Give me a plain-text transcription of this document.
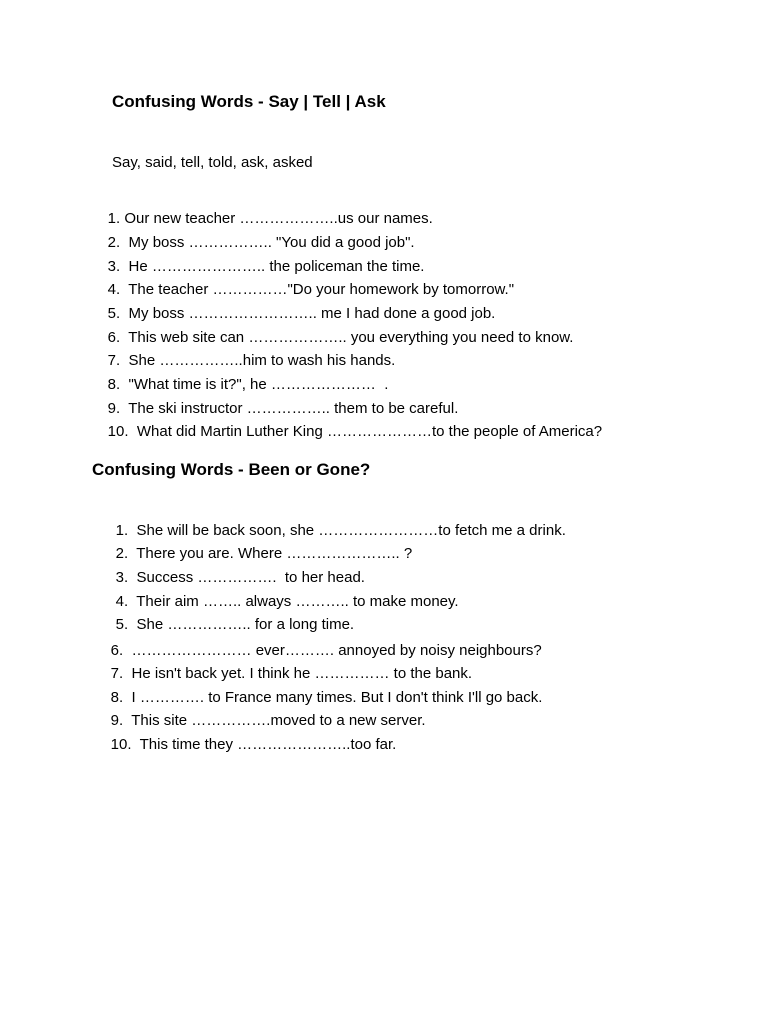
Confusing Words - Say | Tell | Ask
Say, said, tell, told, ask, asked

1. Our new teacher ………………..us our names.

2. My boss …………….. "You did a good job".

3. He ………………….. the policeman the time.

4. The teacher ……………"Do your homework by tomorrow."

5. My boss …………………….. me I had done a good job.

6. This web site can ……………….. you everything you need to know.

7. She ……………..him to wash his hands.

8. "What time is it?", he …………………  .

9. The ski instructor …………….. them to be careful.

10. What did Martin Luther King …………………to the people of America?

Confusing Words - Been or Gone?

1. She will be back soon, she ……………………to fetch me a drink.

2. There you are. Where ………………….. ?

3. Success …………….  to her head.

4. Their aim …….. always ……….. to make money.

5. She …………….. for a long time.

6. …………………… ever………. annoyed by noisy neighbours?

7. He isn't back yet. I think he …………… to the bank.

8. I …………. to France many times. But I don't think I'll go back.

9. This site …………….moved to a new server.

10. This time they …………………..too far.
